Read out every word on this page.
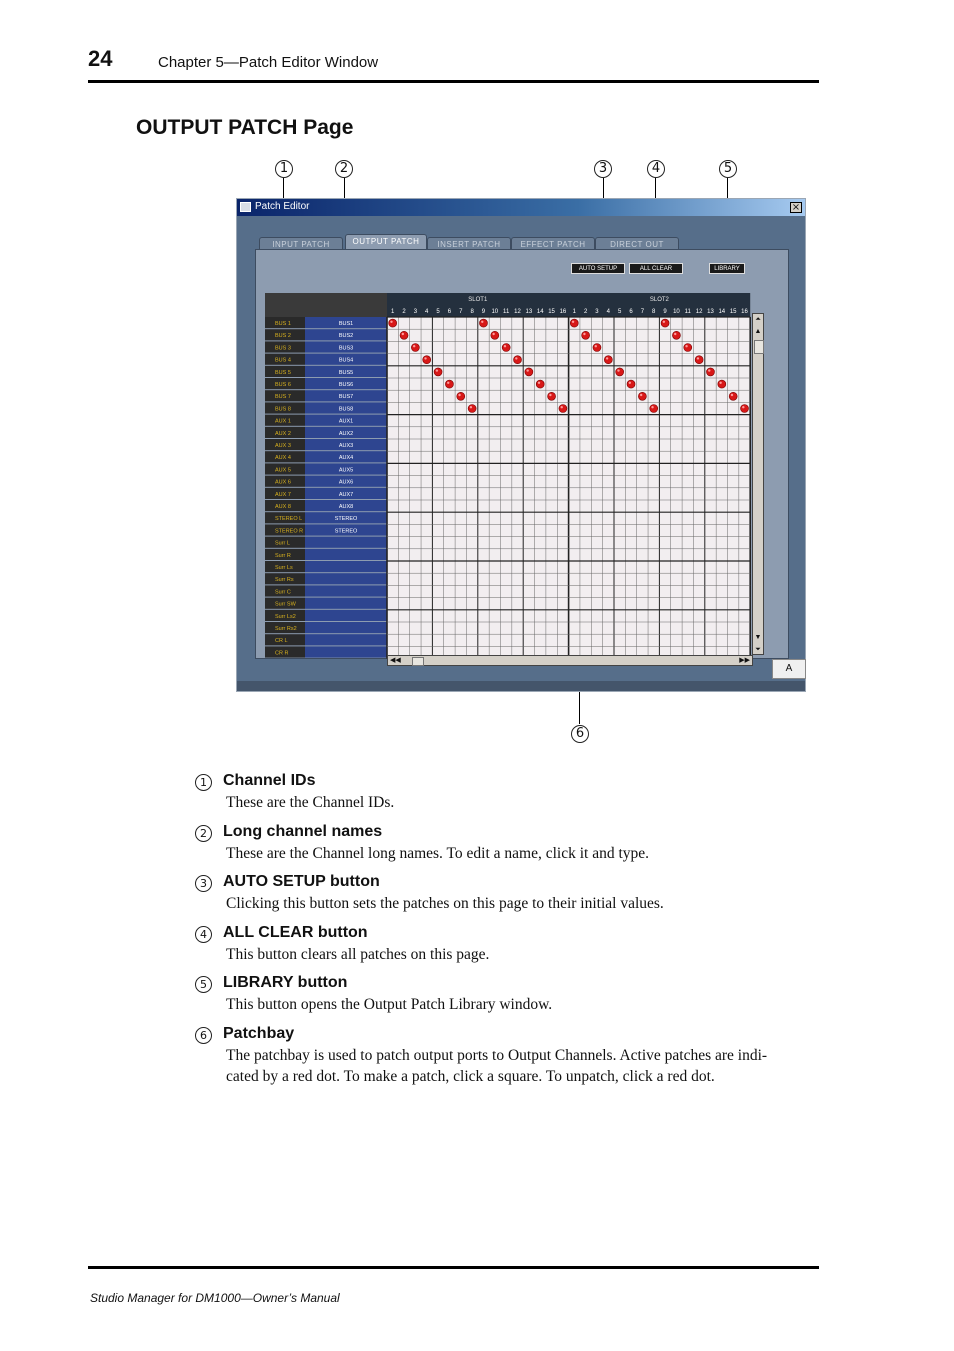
24	Chapter 5—Patch Editor Window
OUTPUT PATCH Page
1	2	3	4	5
6
Patch Editor	×
INPUT PATCH	OUTPUT PATCH	INSERT PATCH	EFFECT PATCH	DIRECT OUT
AUTO SETUP	ALL CLEAR	LIBRARY
SLOT1	SLOT2
1 2 3 4 5 6 7 8 9 10 11 12 13 14 15 16 1 2 3 4 5 6 7 8 9 10 11 12 13 14 15 16
BUS 1	BUS1
BUS 2	BUS2
BUS 3	BUS3
BUS 4	BUS4
BUS 5	BUS5
BUS 6	BUS6
BUS 7	BUS7
BUS 8	BUS8
AUX 1	AUX1
AUX 2	AUX2
AUX 3	AUX3
AUX 4	AUX4
AUX 5	AUX5
AUX 6	AUX6
AUX 7	AUX7
AUX 8	AUX8
STEREO L	STEREO
STEREO R	STEREO
Surr L
Surr R
Surr Ls
Surr Rs
Surr C
Surr SW
Surr Ls2
Surr Rs2
CR L
CR R
⏶
▲
▼
⏷
◀◀	▶▶
A
1	Channel IDs
These are the Channel IDs.
2	Long channel names
These are the Channel long names. To edit a name, click it and type.
3	AUTO SETUP button
Clicking this button sets the patches on this page to their initial values.
4	ALL CLEAR button
This button clears all patches on this page.
5	LIBRARY button
This button opens the Output Patch Library window.
6	Patchbay
The patchbay is used to patch output ports to Output Channels. Active patches are indi-
cated by a red dot. To make a patch, click a square. To unpatch, click a red dot.
Studio Manager for DM1000—Owner’s Manual
